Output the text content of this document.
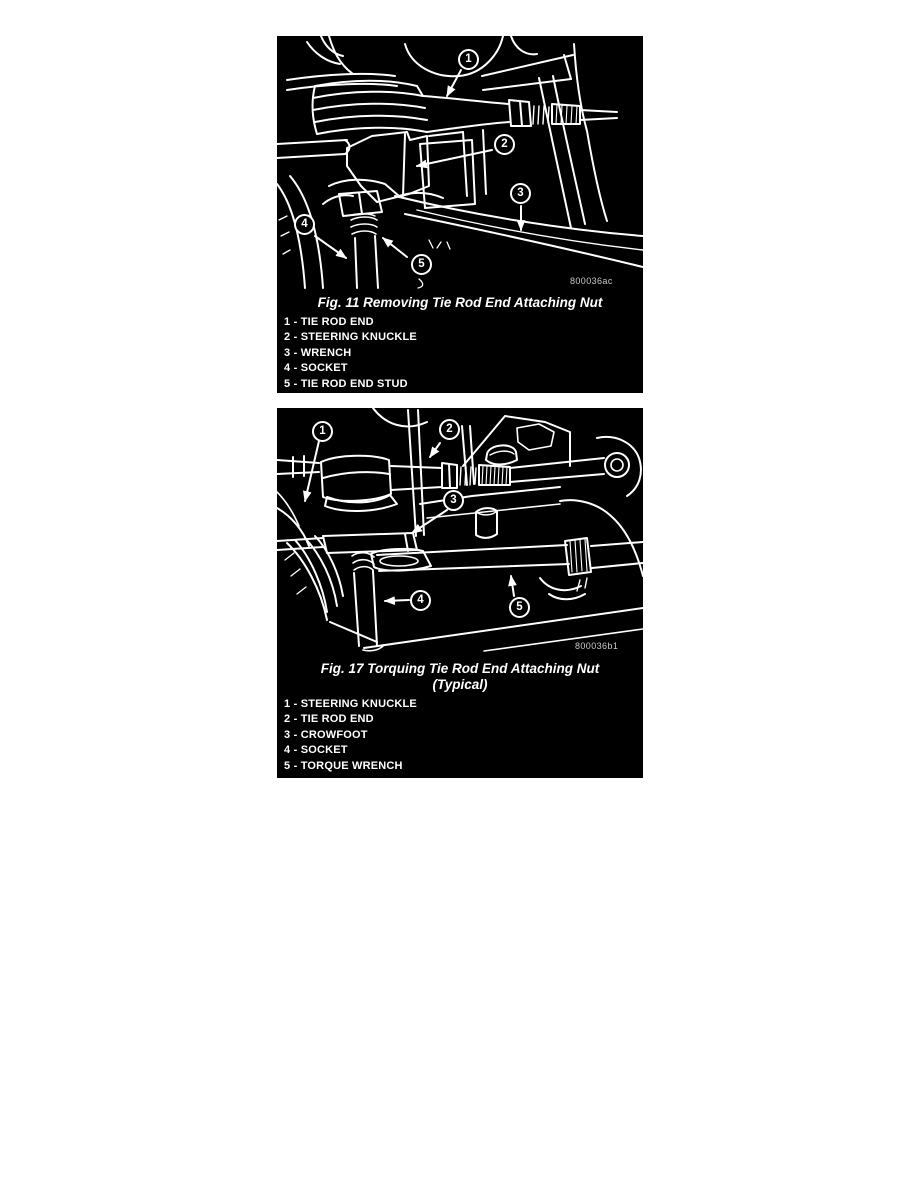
1
2
3
4
5
800036ac
Fig. 11 Removing Tie Rod End Attaching Nut
1 - TIE ROD END
2 - STEERING KNUCKLE
3 - WRENCH
4 - SOCKET
5 - TIE ROD END STUD
1	2
3
4
5
800036b1
Fig. 17 Torquing Tie Rod End Attaching Nut
(Typical)
1 - STEERING KNUCKLE
2 - TIE ROD END
3 - CROWFOOT
4 - SOCKET
5 - TORQUE WRENCH
